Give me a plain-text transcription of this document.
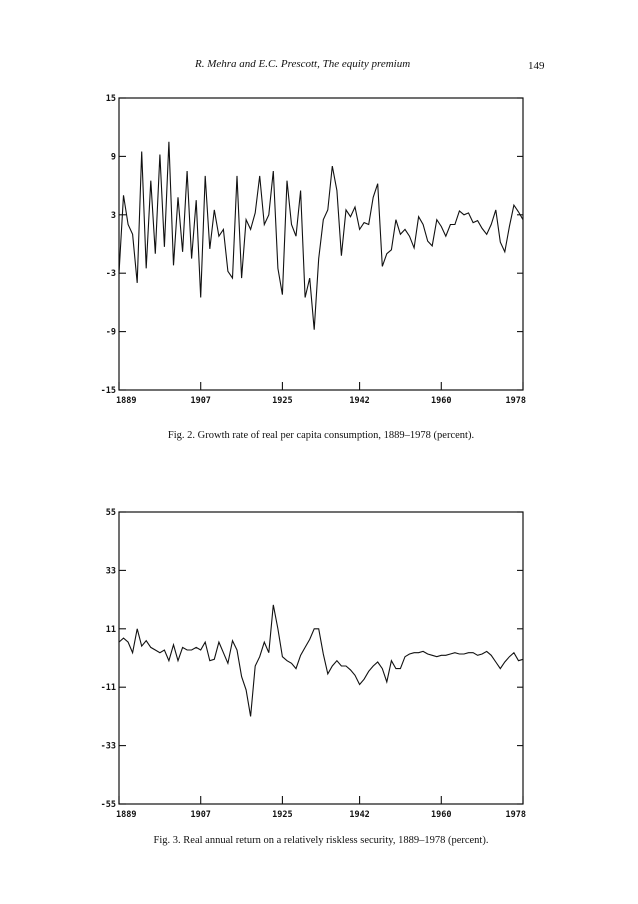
R. Mehra and E.C. Prescott, The equity premium	149
15
9
3
-3
-9
-15
1889	1907	1925	1942	1960	1978
Fig. 2. Growth rate of real per capita consumption, 1889–1978 (percent).
55
33
11
-11
-33
-55
1889	1907	1925	1942	1960	1978
Fig. 3. Real annual return on a relatively riskless security, 1889–1978 (percent).
